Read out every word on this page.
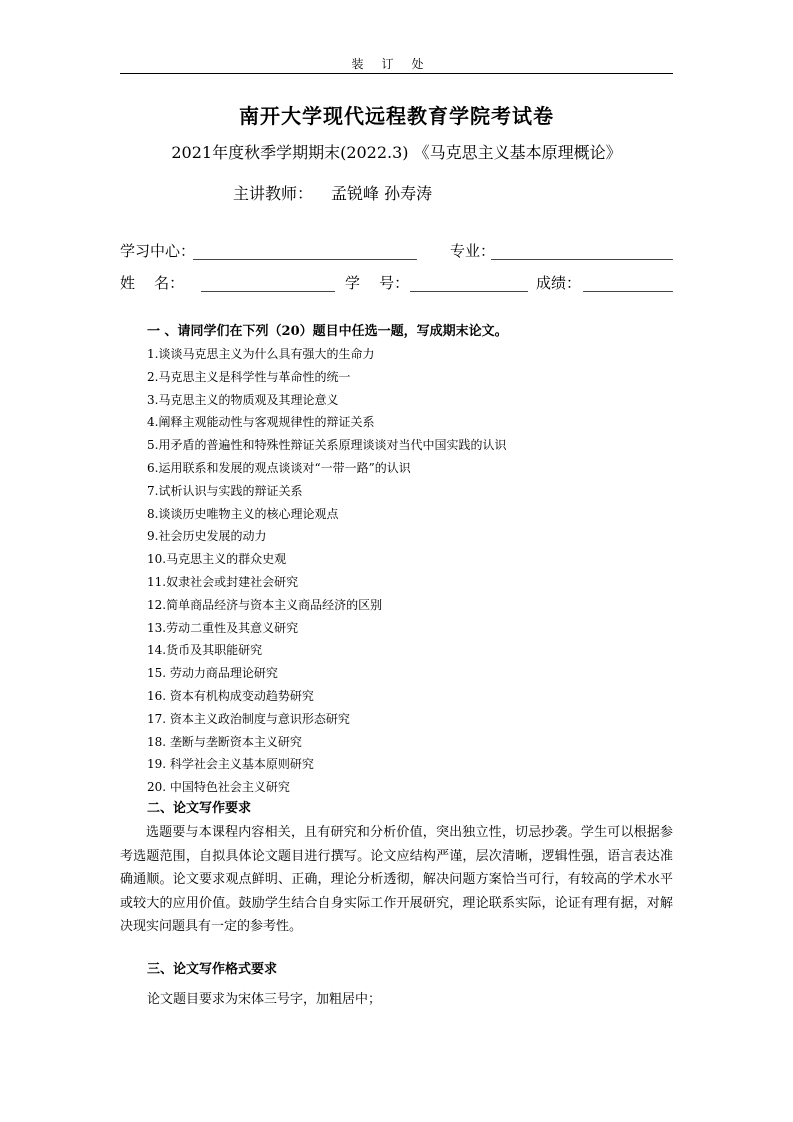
装订处
南开大学现代远程教育学院考试卷
2021年度秋季学期期末(2022.3) 《马克思主义基本原理概论》
主讲教师： 孟锐峰 孙寿涛
学习中心：	专业：
姓    名：	学    号：	成绩：
一 、请同学们在下列（20）题目中任选一题，写成期末论文。
1.谈谈马克思主义为什么具有强大的生命力
2.马克思主义是科学性与革命性的统一
3.马克思主义的物质观及其理论意义
4.阐释主观能动性与客观规律性的辩证关系
5.用矛盾的普遍性和特殊性辩证关系原理谈谈对当代中国实践的认识
6.运用联系和发展的观点谈谈对“一带一路”的认识
7.试析认识与实践的辩证关系
8.谈谈历史唯物主义的核心理论观点
9.社会历史发展的动力
10.马克思主义的群众史观
11.奴隶社会或封建社会研究
12.简单商品经济与资本主义商品经济的区别
13.劳动二重性及其意义研究
14.货币及其职能研究
15. 劳动力商品理论研究
16. 资本有机构成变动趋势研究
17. 资本主义政治制度与意识形态研究
18. 垄断与垄断资本主义研究
19. 科学社会主义基本原则研究
20. 中国特色社会主义研究
二、论文写作要求
选题要与本课程内容相关，且有研究和分析价值，突出独立性，切忌抄袭。学生可以根据参考选题范围，自拟具体论文题目进行撰写。论文应结构严谨，层次清晰，逻辑性强，语言表达准确通顺。论文要求观点鲜明、正确，理论分析透彻，解决问题方案恰当可行，有较高的学术水平或较大的应用价值。鼓励学生结合自身实际工作开展研究，理论联系实际，论证有理有据，对解决现实问题具有一定的参考性。
三、论文写作格式要求
论文题目要求为宋体三号字，加粗居中；
